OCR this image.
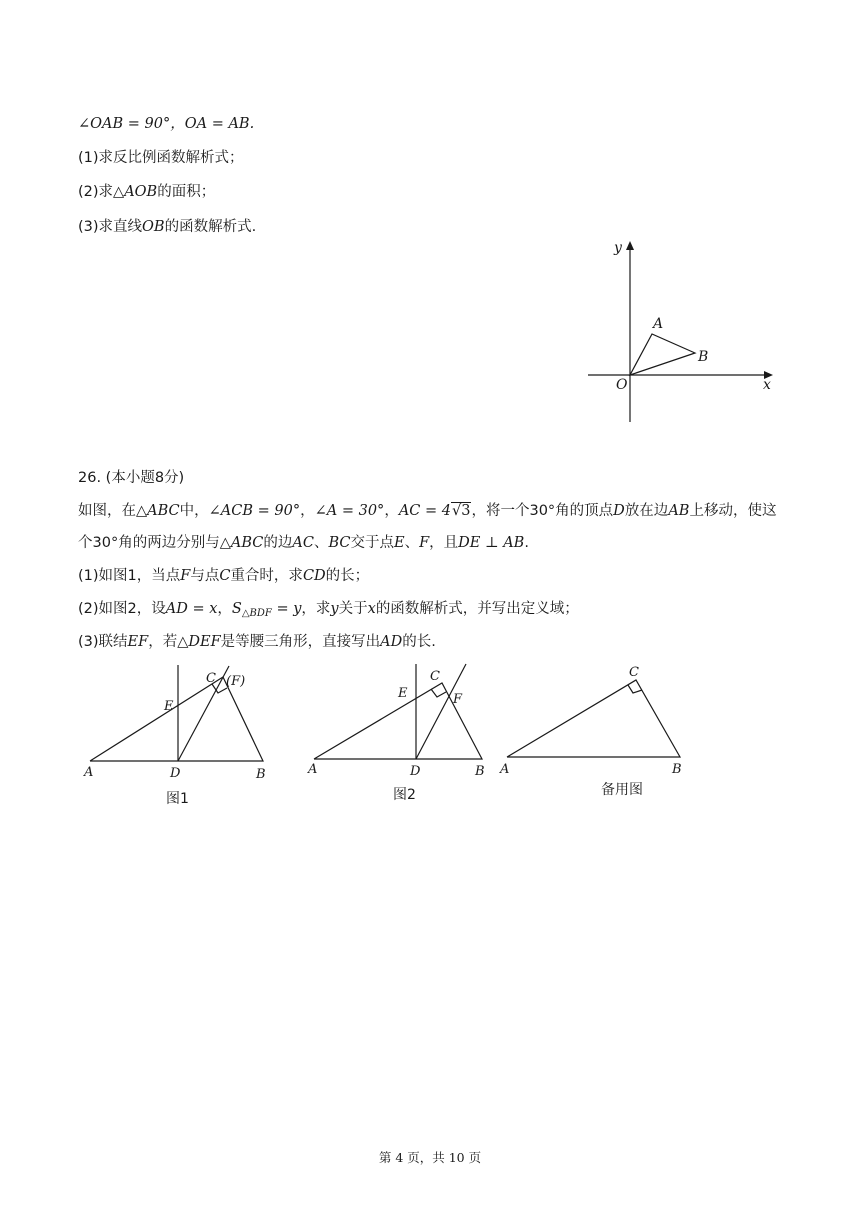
∠OAB = 90°，OA = AB.
(1)求反比例函数解析式；
(2)求△AOB的面积；
(3)求直线OB的函数解析式.
y
x
O
A
B
26. (本小题8分)
如图，在△ABC中，∠ACB = 90°，∠A = 30°，AC = 4√3，将一个30°角的顶点D放在边AB上移动，使这
个30°角的两边分别与△ABC的边AC、BC交于点E、F，且DE ⊥ AB.
(1)如图1，当点F与点C重合时，求CD的长；
(2)如图2，设AD = x，$S_{\triangle BDF} = y$，求y关于x的函数解析式，并写出定义域；
(3)联结EF，若△DEF是等腰三角形，直接写出AD的长.
A	B
C
D
E
(F)
图1
A	B
C
D
E	F
图2
A	B
C
备用图
第 4 页，共 10 页
